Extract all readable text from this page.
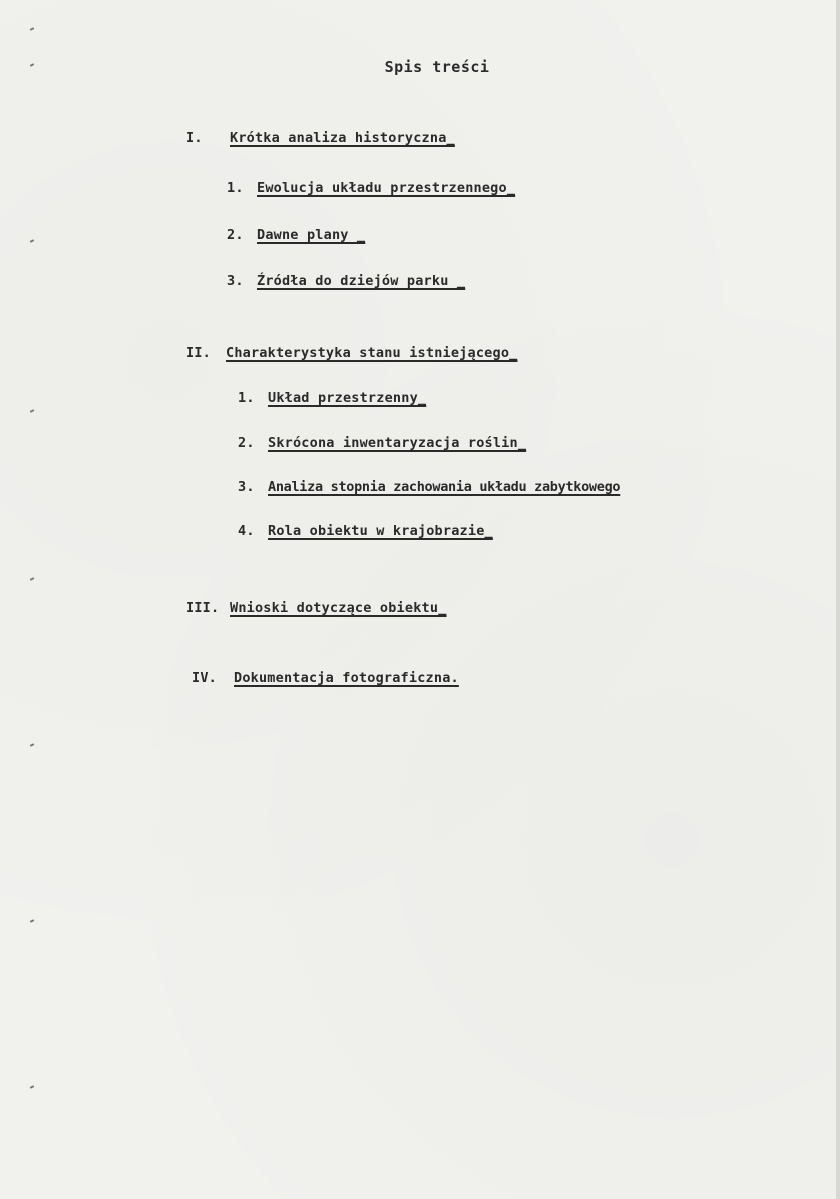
Spis treści
I. Krótka analiza historyczna_
1. Ewolucja układu przestrzennego_
2. Dawne plany _
3. Źródła do dziejów parku _
II. Charakterystyka stanu istniejącego_
1. Układ przestrzenny_
2. Skrócona inwentaryzacja roślin_
3. Analiza stopnia zachowania układu zabytkowego
4. Rola obiektu w krajobrazie_
III. Wnioski dotyczące obiektu_
IV. Dokumentacja fotograficzna.
